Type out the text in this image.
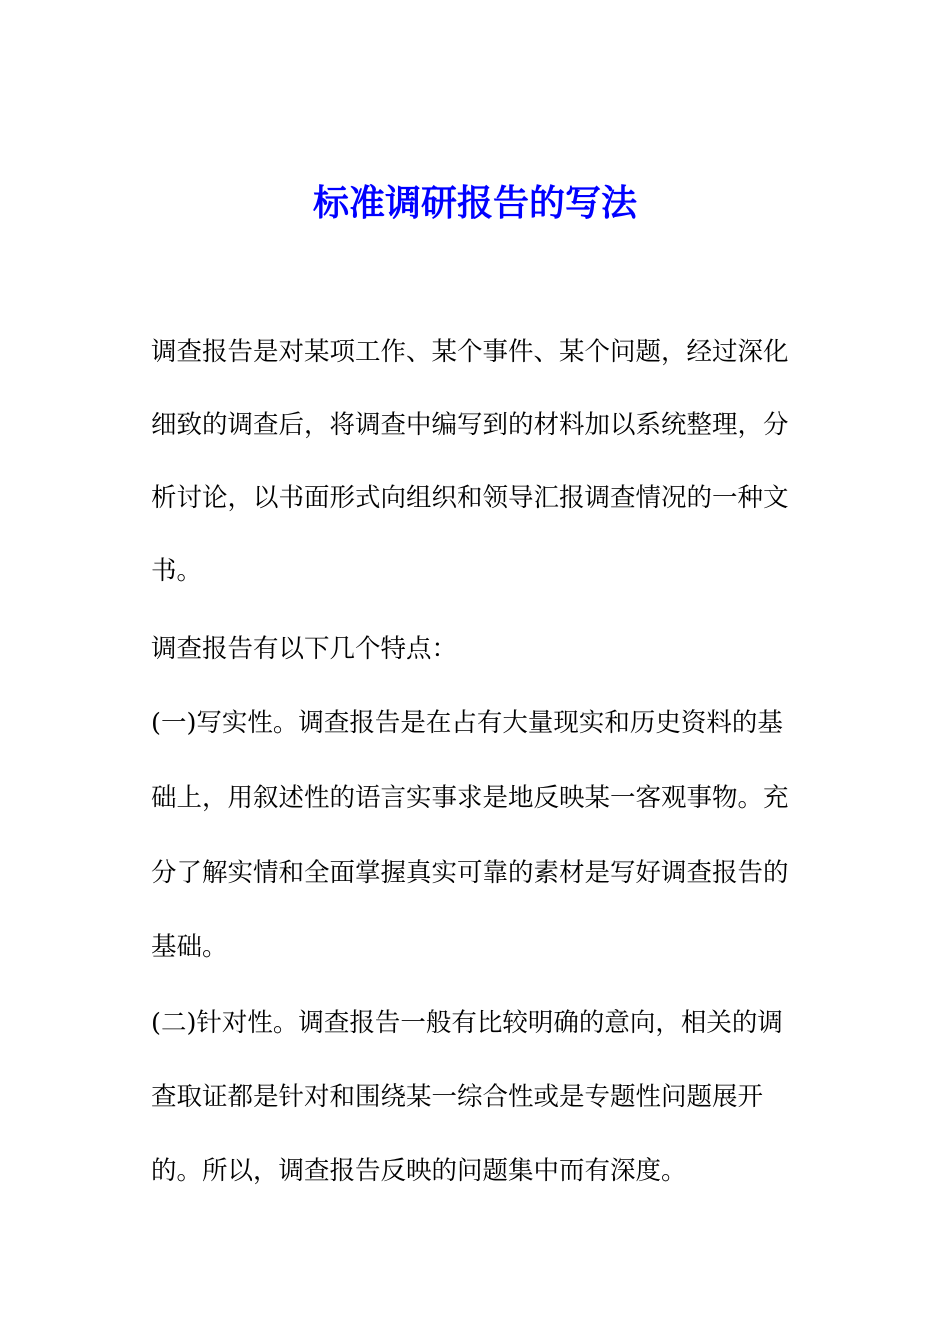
标准调研报告的写法
调查报告是对某项工作、某个事件、某个问题，经过深化
细致的调查后，将调查中编写到的材料加以系统整理，分
析讨论，以书面形式向组织和领导汇报调查情况的一种文
书。
调查报告有以下几个特点：
(一)写实性。调查报告是在占有大量现实和历史资料的基
础上，用叙述性的语言实事求是地反映某一客观事物。充
分了解实情和全面掌握真实可靠的素材是写好调查报告的
基础。
(二)针对性。调查报告一般有比较明确的意向，相关的调
查取证都是针对和围绕某一综合性或是专题性问题展开
的。所以，调查报告反映的问题集中而有深度。
